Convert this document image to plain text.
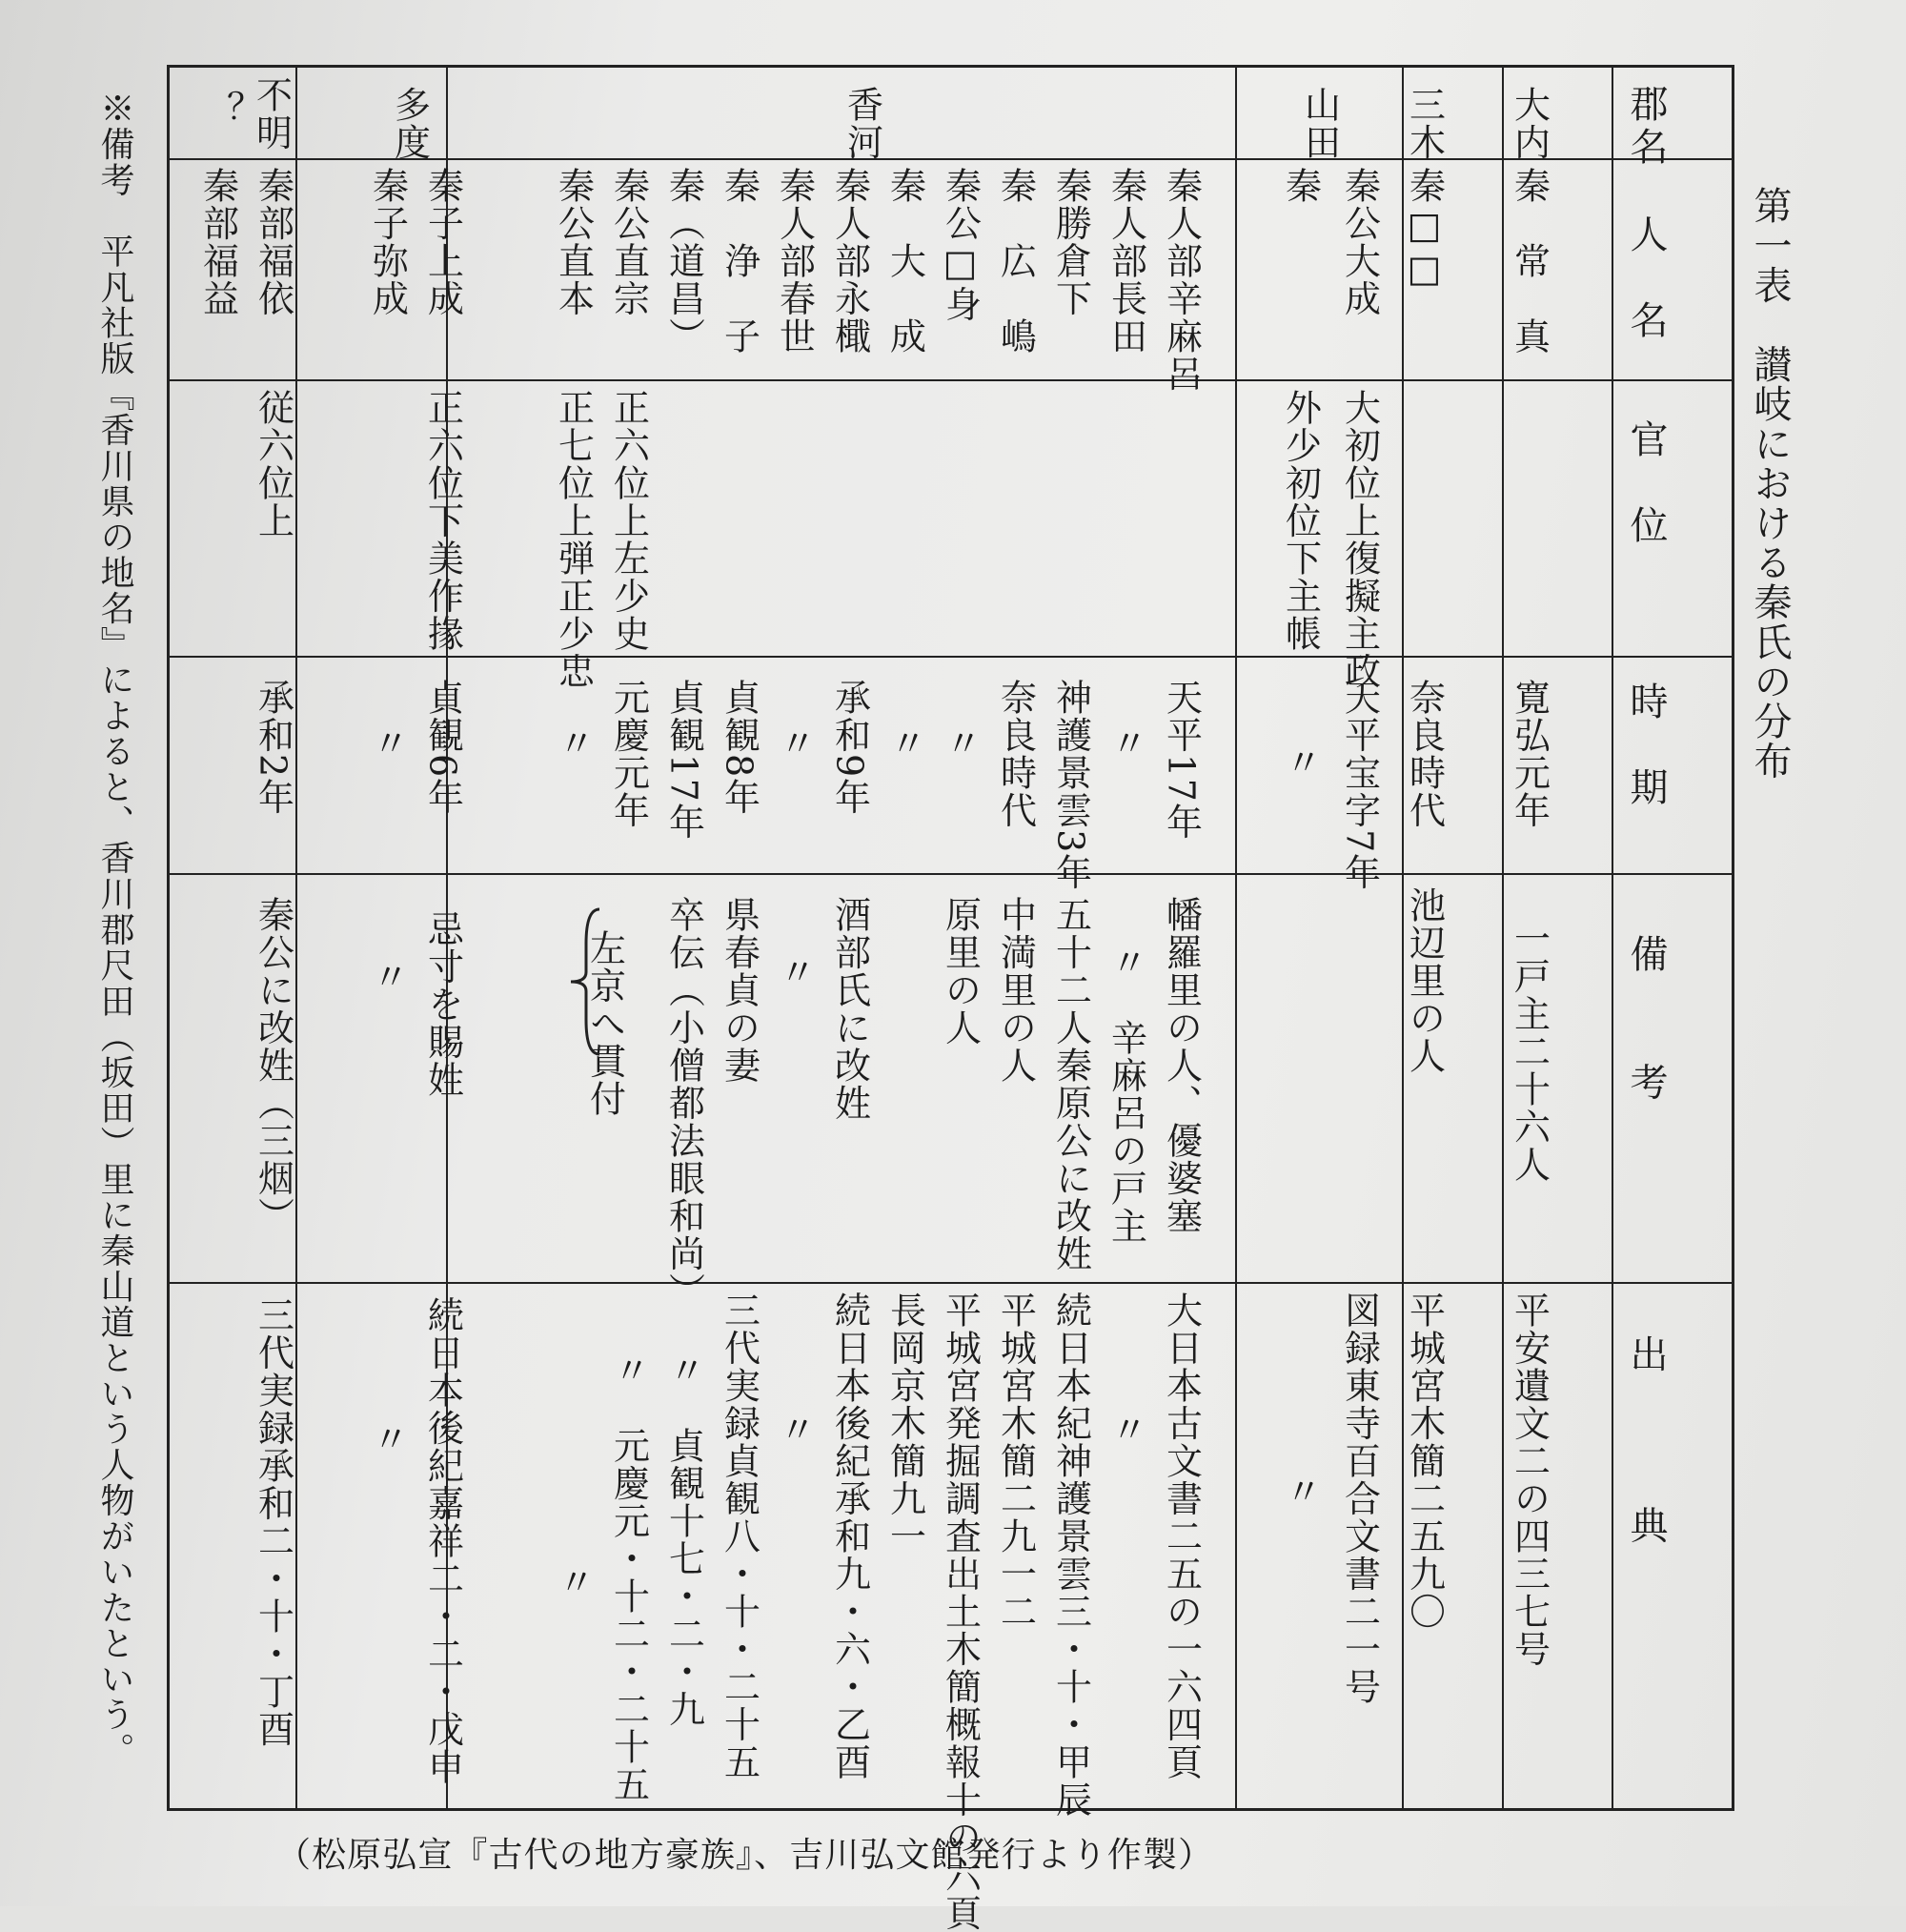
第一表　讃岐における秦氏の分布
郡名
人　名
官　位
時　期
備　　考
出　　　典
大内
秦　常　真
寛弘元年
一戸主二十六人
平安遺文二の四三七号
三木
秦□□
奈良時代
池辺里の人
平城宮木簡二五九〇
山田
秦公大成
秦
大初位上復擬主政
外少初位下主帳
天平宝字7年
〃
図録東寺百合文書二一号
〃
香河
秦人部辛麻呂
秦人部長田
秦勝倉下
秦　広　嶋
秦公□身
秦　大　成
秦人部永檝
秦人部春世
秦　浄　子
秦（道昌）
秦公直宗
秦公直本
正六位上左少史
正七位上弾正少忠
天平17年
〃
神護景雲3年
奈良時代
〃
〃
承和9年
〃
貞観8年
貞観17年
元慶元年
〃
幡羅里の人、優婆塞
〃　辛麻呂の戸主
五十二人秦原公に改姓
中満里の人
原里の人
酒部氏に改姓
〃
県春貞の妻
卒伝（小僧都法眼和尚）
左京へ貫付
大日本古文書二五の一六四頁
〃
続日本紀神護景雲三・十・甲辰
平城宮木簡二九一二
平城宮発掘調査出土木簡概報十の六頁
長岡京木簡九一
続日本後紀承和九・六・乙酉
〃
三代実録貞観八・十・二十五
〃　貞観十七・二・九
〃　元慶元・十二・二十五
〃
多度
秦子上成
秦子弥成
正六位下美作掾
貞観6年
〃
忌寸を賜姓
〃
続日本後紀嘉祥二・二・戊申
〃
不明
？
秦部福依
秦部福益
従六位上
承和2年
秦公に改姓（三烟）
三代実録承和二・十・丁酉
※備考
平凡社版『香川県の地名』によると、香川郡尺田（坂田）里に秦山道という人物がいたという。
（松原弘宣『古代の地方豪族』、吉川弘文館発行より作製）
